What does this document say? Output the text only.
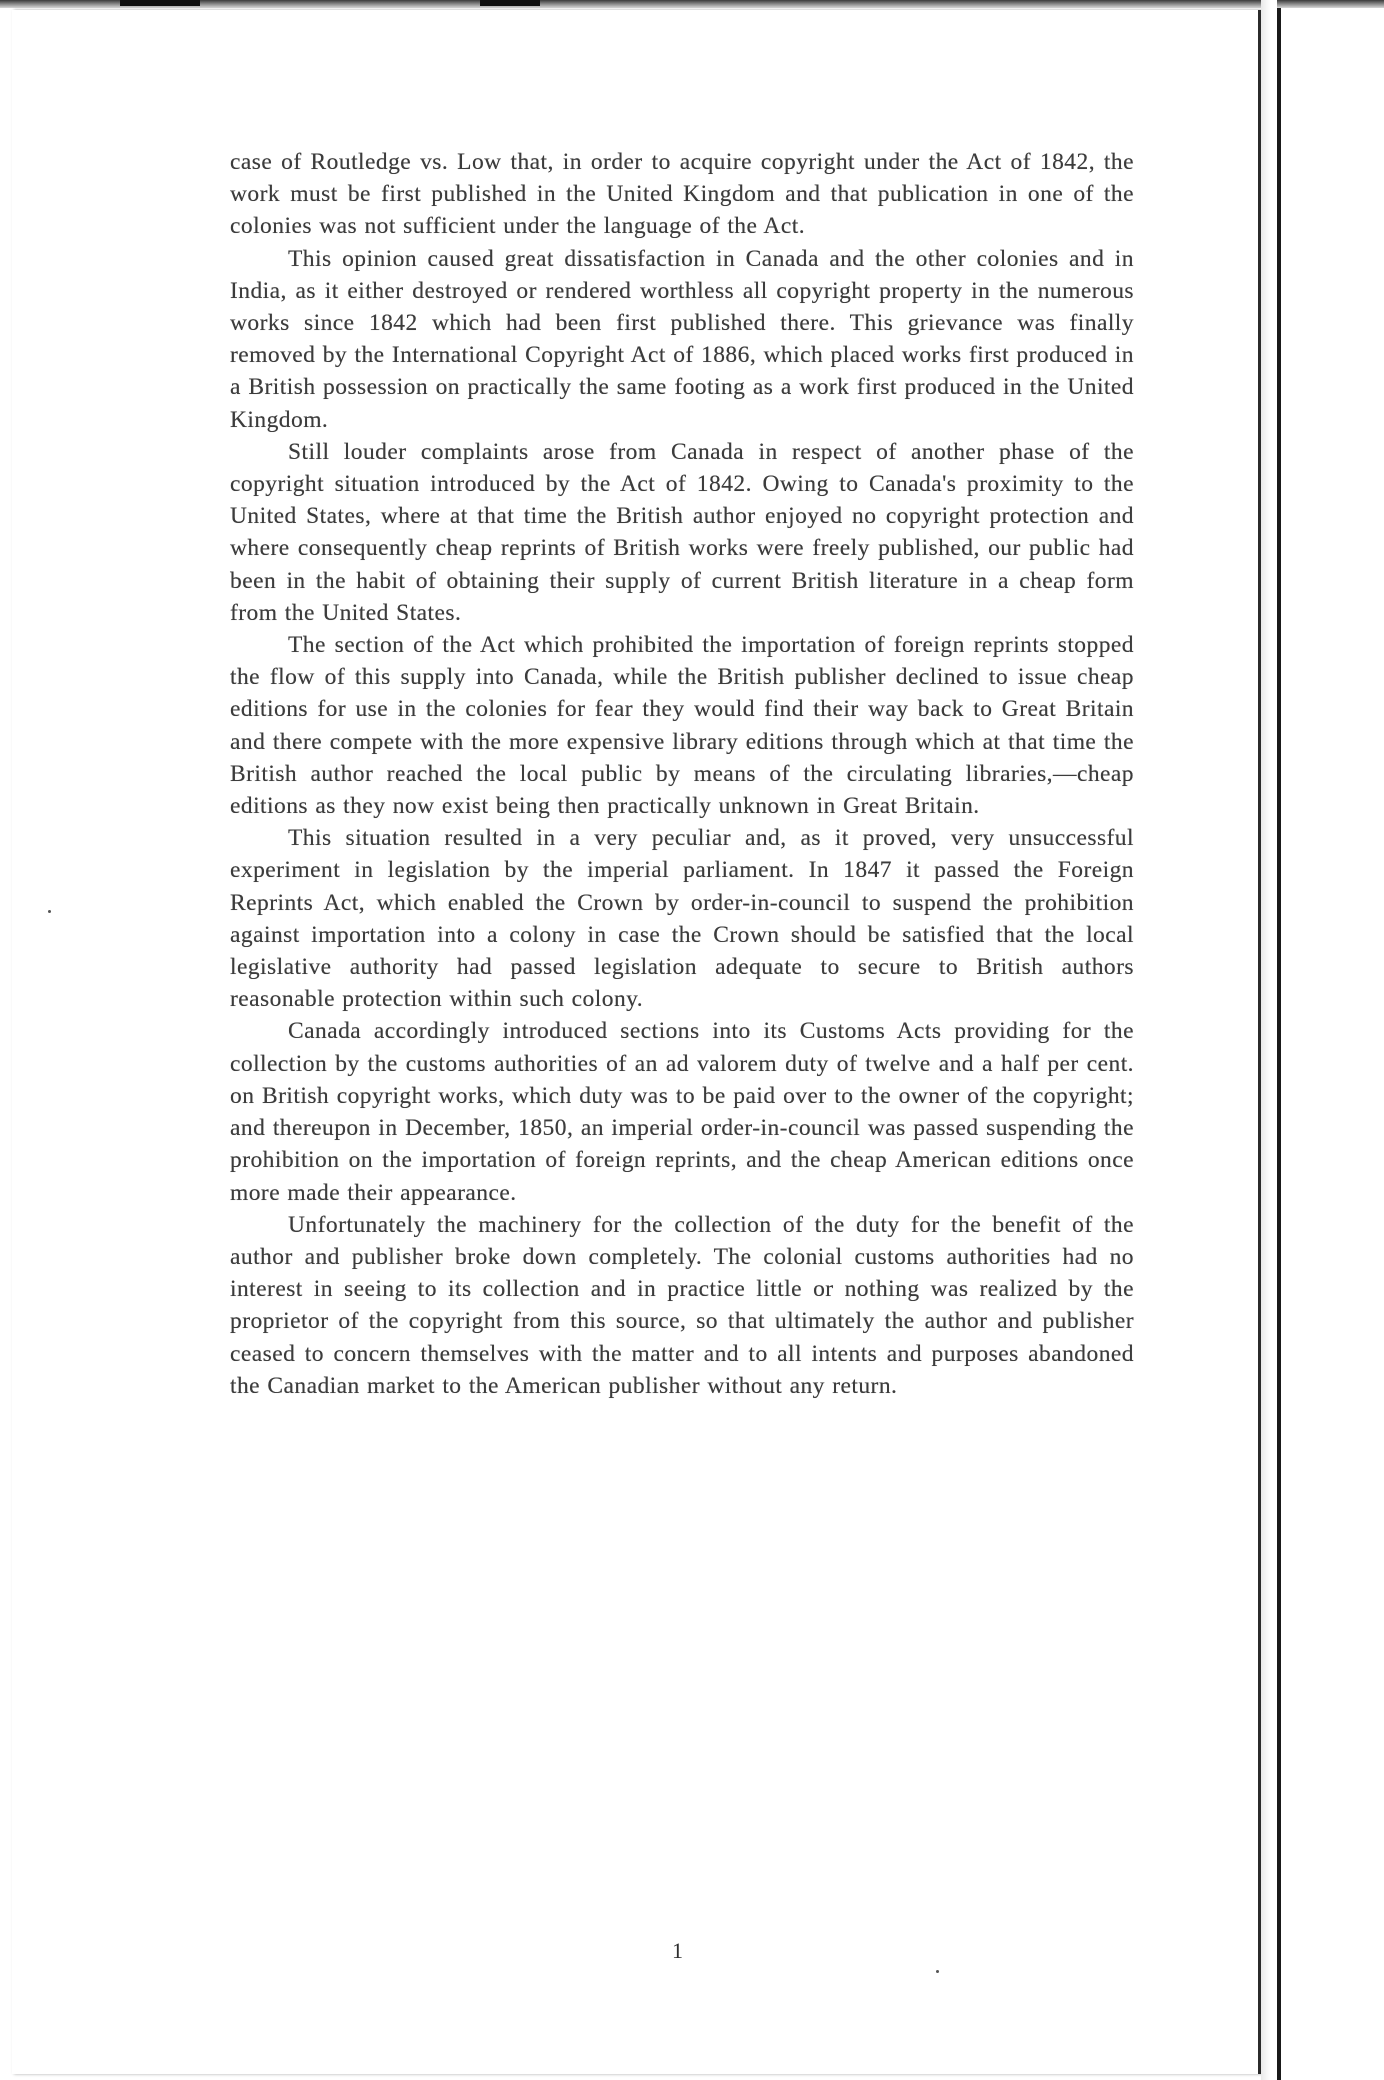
case of Routledge vs. Low that, in order to acquire copyright under the Act of 1842, the work must be first published in the United Kingdom and that publication in one of the colonies was not sufficient under the language of the Act.

This opinion caused great dissatisfaction in Canada and the other colonies and in India, as it either destroyed or rendered worthless all copyright property in the numerous works since 1842 which had been first published there. This grievance was finally removed by the International Copyright Act of 1886, which placed works first produced in a British possession on practically the same footing as a work first produced in the United Kingdom.

Still louder complaints arose from Canada in respect of another phase of the copyright situation introduced by the Act of 1842. Owing to Canada's proximity to the United States, where at that time the British author enjoyed no copyright protection and where consequently cheap reprints of British works were freely published, our public had been in the habit of obtaining their supply of current British literature in a cheap form from the United States.

The section of the Act which prohibited the importation of foreign reprints stopped the flow of this supply into Canada, while the British publisher declined to issue cheap editions for use in the colonies for fear they would find their way back to Great Britain and there compete with the more expensive library editions through which at that time the British author reached the local public by means of the circulating libraries,—cheap editions as they now exist being then practically unknown in Great Britain.

This situation resulted in a very peculiar and, as it proved, very unsuccessful experiment in legislation by the imperial parliament. In 1847 it passed the Foreign Reprints Act, which enabled the Crown by order-in-council to suspend the prohibition against importation into a colony in case the Crown should be satisfied that the local legislative authority had passed legislation adequate to secure to British authors reasonable protection within such colony.

Canada accordingly introduced sections into its Customs Acts providing for the collection by the customs authorities of an ad valorem duty of twelve and a half per cent. on British copyright works, which duty was to be paid over to the owner of the copyright; and thereupon in December, 1850, an imperial order-in-council was passed suspending the prohibition on the importation of foreign reprints, and the cheap American editions once more made their appearance.

Unfortunately the machinery for the collection of the duty for the benefit of the author and publisher broke down completely. The colonial customs authorities had no interest in seeing to its collection and in practice little or nothing was realized by the proprietor of the copyright from this source, so that ultimately the author and publisher ceased to concern themselves with the matter and to all intents and purposes abandoned the Canadian market to the American publisher without any return.

1
